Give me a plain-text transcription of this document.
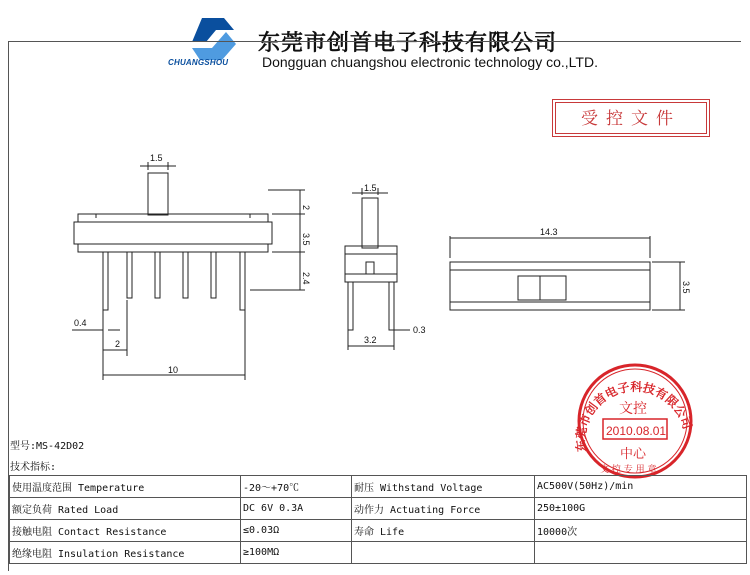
CHUANGSHOU
东莞市创首电子科技有限公司
Dongguan chuangshou electronic technology co.,LTD.
受控文件
1.5
2
3.5
2.4
0.4
2
10
1.5
0.3
3.2
14.3
3.5
东莞市创首电子科技有限公司
文控
2010.08.01
中心
文 控 专 用 章
型号:MS-42D02
技术指标:
使用温度范围 Temperature	-20～+70℃	耐压 Withstand Voltage	AC500V(50Hz)/min
额定负荷 Rated Load	DC 6V 0.3A	动作力 Actuating Force	250±100G
接触电阻 Contact Resistance	≤0.03Ω	寿命 Life	10000次
绝缘电阻 Insulation Resistance	≥100MΩ		
